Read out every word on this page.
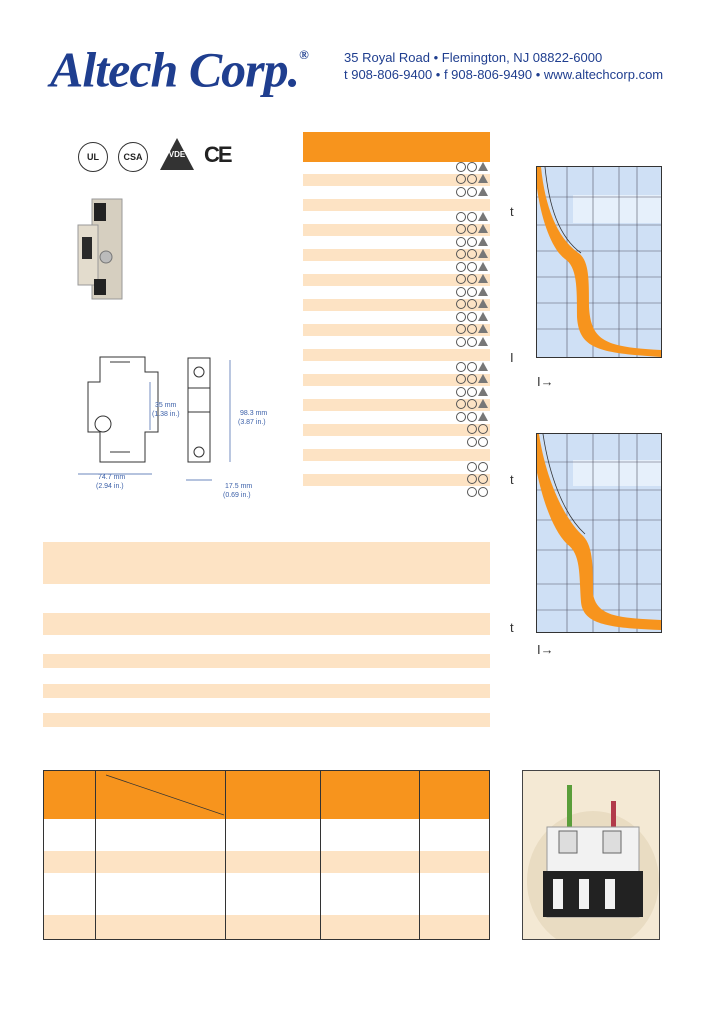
Altech Corp.®	35 Royal Road • Flemington, NJ 08822-6000
t 908-806-9400 • f 908-806-9490 • www.altechcorp.com
UL	CSA	VDE CE
35 mm
(1.38 in.)	98.3 mm
(3.87 in.)
74.7 mm
(2.94 in.)	17.5 mm
(0.69 in.)
t
I
I→
t
t
I→
